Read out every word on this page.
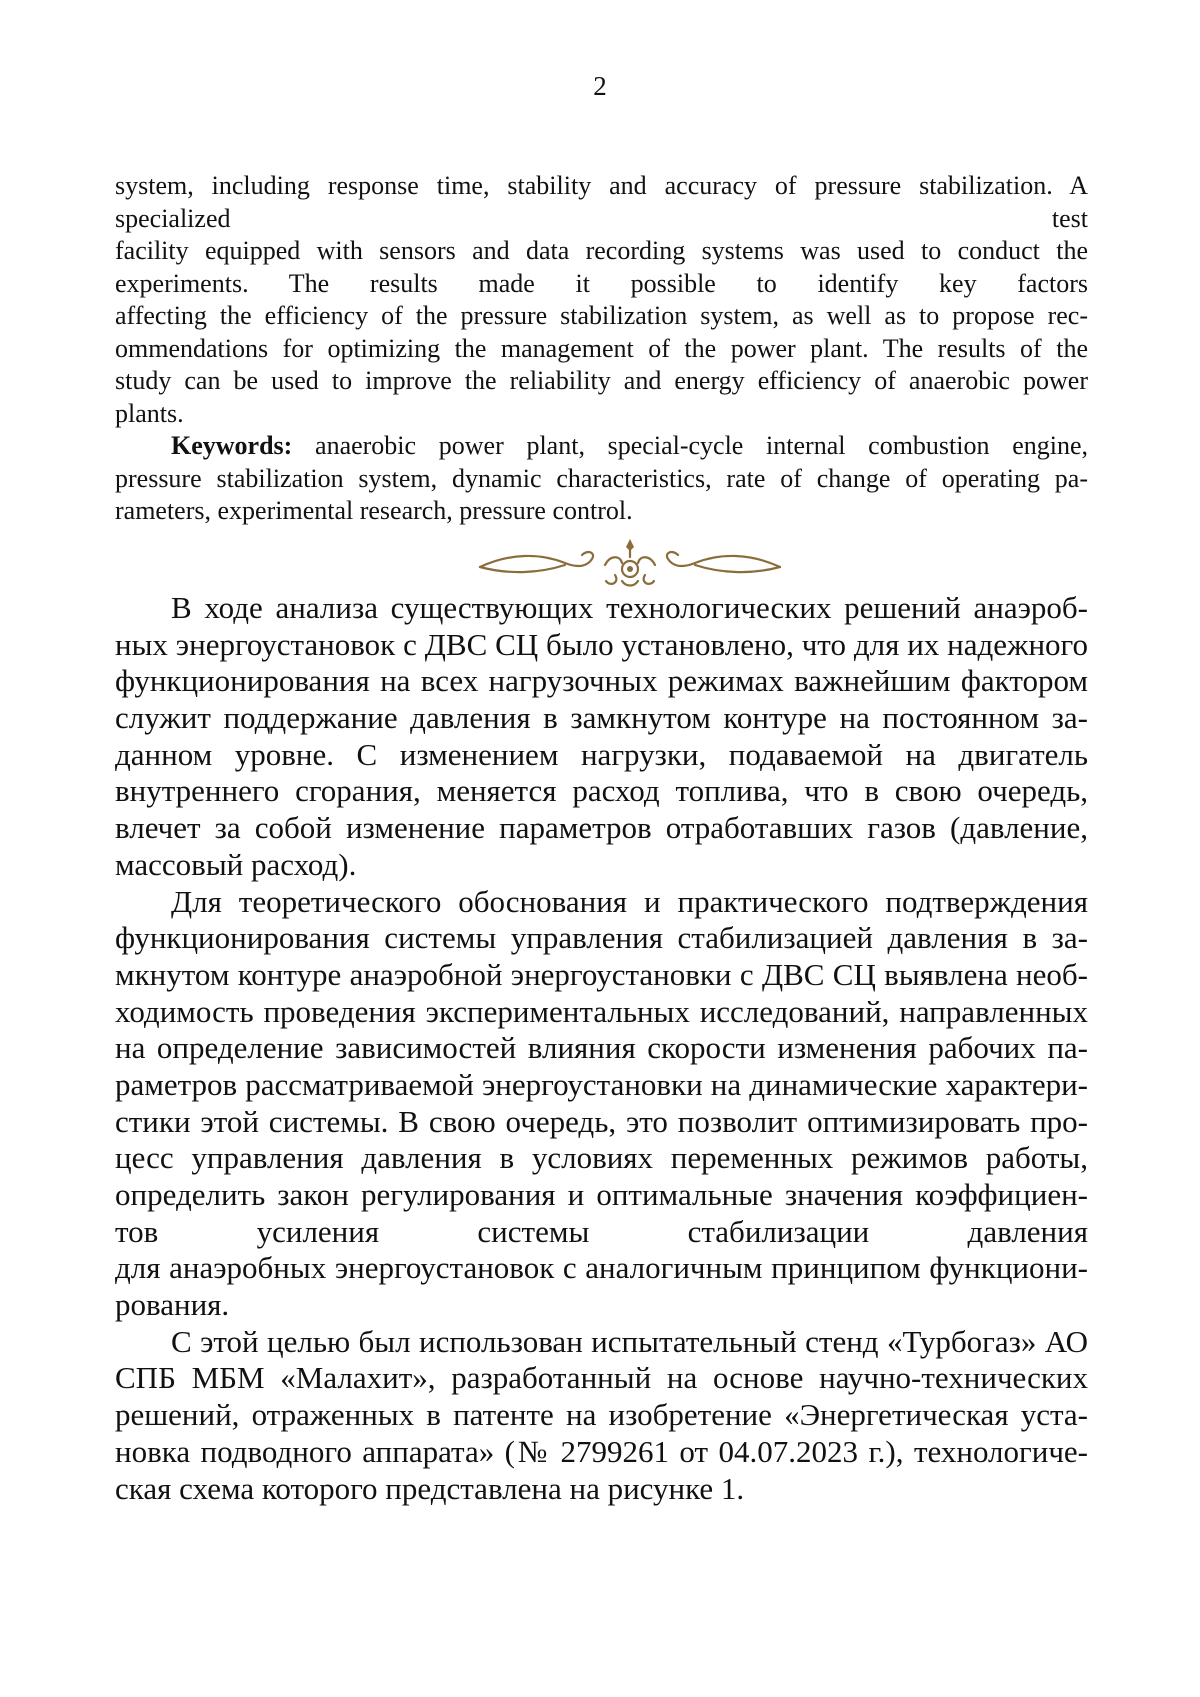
2
system, including response time, stability and accuracy of pressure stabilization. A
specialized test
facility equipped with sensors and data recording systems was used to conduct the
experiments. The results made it possible to identify key factors
affecting the efficiency of the pressure stabilization system, as well as to propose rec-
ommendations for optimizing the management of the power plant. The results of the
study can be used to improve the reliability and energy efficiency of anaerobic power
plants.
Keywords: anaerobic power plant, special-cycle internal combustion engine,
pressure stabilization system, dynamic characteristics, rate of change of operating pa-
rameters, experimental research, pressure control.
В ходе анализа существующих технологических решений анаэроб-
ных энергоустановок с ДВС СЦ было установлено, что для их надежного
функционирования на всех нагрузочных режимах важнейшим фактором
служит поддержание давления в замкнутом контуре на постоянном за-
данном уровне. С изменением нагрузки, подаваемой на двигатель
внутреннего сгорания, меняется расход топлива, что в свою очередь,
влечет за собой изменение параметров отработавших газов (давление,
массовый расход).
Для теоретического обоснования и практического подтверждения
функционирования системы управления стабилизацией давления в за-
мкнутом контуре анаэробной энергоустановки с ДВС СЦ выявлена необ-
ходимость проведения экспериментальных исследований, направленных
на определение зависимостей влияния скорости изменения рабочих па-
раметров рассматриваемой энергоустановки на динамические характери-
стики этой системы. В свою очередь, это позволит оптимизировать про-
цесс управления давления в условиях переменных режимов работы,
определить закон регулирования и оптимальные значения коэффициен-
тов усиления системы стабилизации давления
для анаэробных энергоустановок с аналогичным принципом функциони-
рования.
С этой целью был использован испытательный стенд «Турбогаз» АО
СПБ МБМ «Малахит», разработанный на основе научно-технических
решений, отраженных в патенте на изобретение «Энергетическая уста-
новка подводного аппарата» (№ 2799261 от 04.07.2023 г.), технологиче-
ская схема которого представлена на рисунке 1.
